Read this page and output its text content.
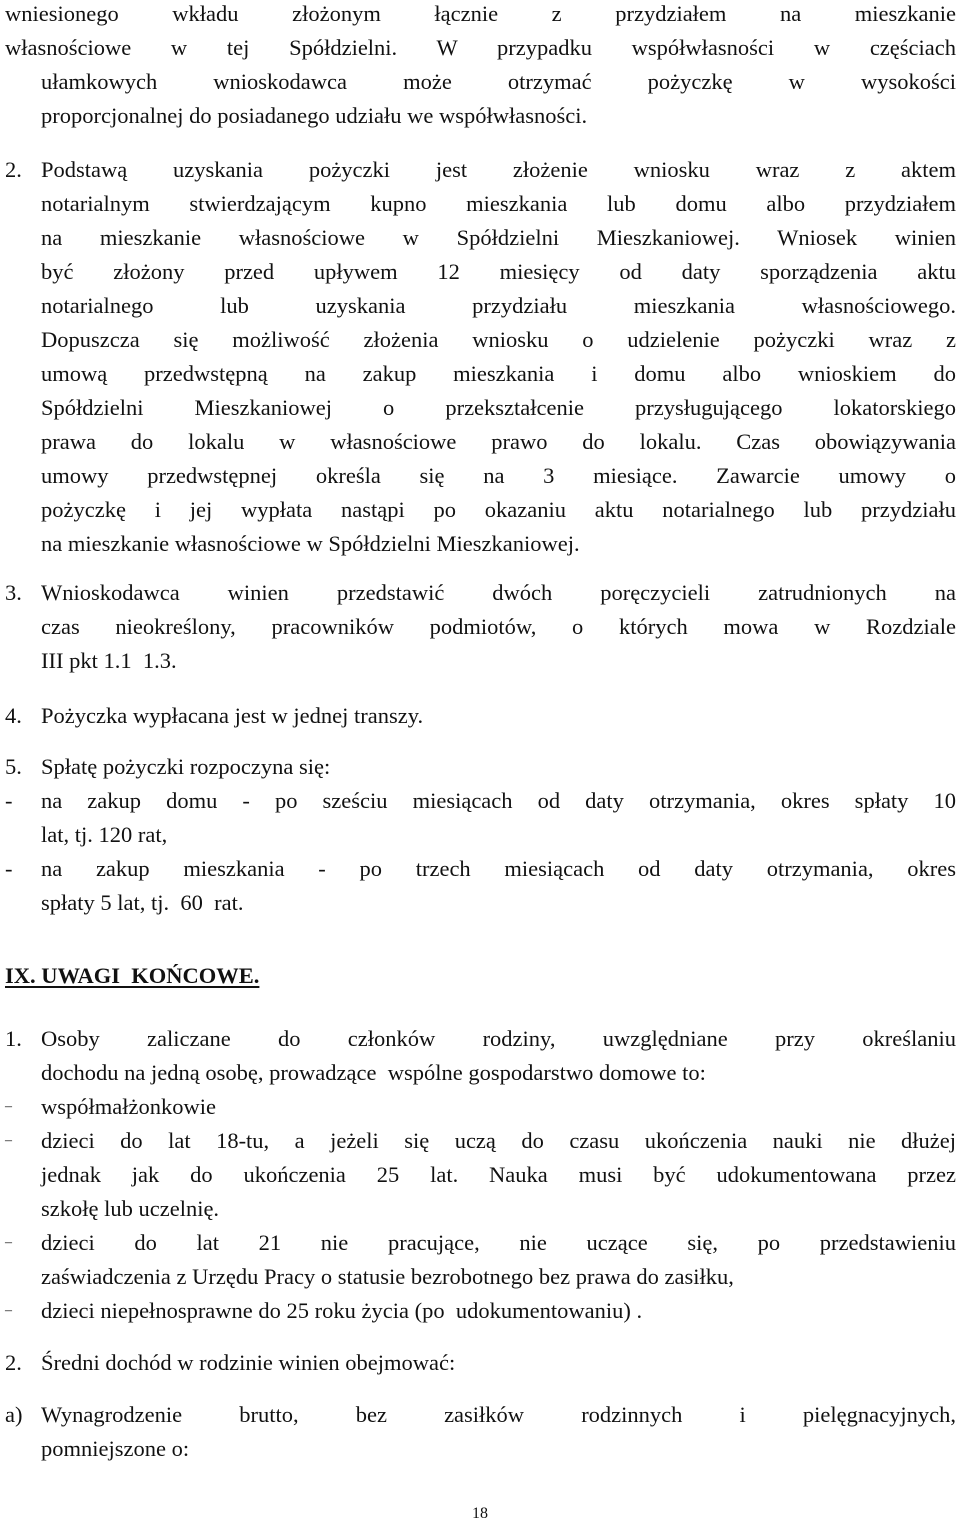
wniesionego wkładu złożonym łącznie z przydziałem na mieszkanie
własnościowe w tej Spółdzielni. W przypadku współwłasności w częściach
ułamkowych wnioskodawca może otrzymać pożyczkę w wysokości
proporcjonalnej do posiadanego udziału we współwłasności.
2. Podstawą uzyskania pożyczki jest złożenie wniosku wraz z aktem
notarialnym stwierdzającym kupno mieszkania lub domu albo przydziałem
na mieszkanie własnościowe w Spółdzielni Mieszkaniowej. Wniosek winien
być złożony przed upływem 12 miesięcy od daty sporządzenia aktu
notarialnego lub uzyskania przydziału mieszkania własnościowego.
Dopuszcza się możliwość złożenia wniosku o udzielenie pożyczki wraz z
umową przedwstępną na zakup mieszkania i domu albo wnioskiem do
Spółdzielni Mieszkaniowej o przekształcenie przysługującego lokatorskiego
prawa do lokalu w własnościowe prawo do lokalu. Czas obowiązywania
umowy przedwstępnej określa się na 3 miesiące. Zawarcie umowy o
pożyczkę i jej wypłata nastąpi po okazaniu aktu notarialnego lub przydziału
na mieszkanie własnościowe w Spółdzielni Mieszkaniowej.
3. Wnioskodawca winien przedstawić dwóch poręczycieli zatrudnionych na
czas nieokreślony, pracowników podmiotów, o których mowa w Rozdziale
III pkt 1.1  1.3.
4. Pożyczka wypłacana jest w jednej transzy.
5. Spłatę pożyczki rozpoczyna się:
-	na zakup domu - po sześciu miesiącach od daty otrzymania, okres spłaty 10
lat, tj. 120 rat,
-	na zakup mieszkania - po trzech miesiącach od daty otrzymania, okres
spłaty 5 lat, tj.  60  rat.
IX. UWAGI  KOŃCOWE.
1. Osoby zaliczane do członków rodziny, uwzględniane przy określaniu
dochodu na jedną osobę, prowadzące  wspólne gospodarstwo domowe to:
–	współmałżonkowie
–	dzieci do lat 18-tu, a jeżeli się uczą do czasu ukończenia nauki nie dłużej
jednak jak do ukończenia 25 lat. Nauka musi być udokumentowana przez
szkołę lub uczelnię.
–	dzieci do lat 21 nie pracujące, nie uczące się, po przedstawieniu
zaświadczenia z Urzędu Pracy o statusie bezrobotnego bez prawa do zasiłku,
–	dzieci niepełnosprawne do 25 roku życia (po  udokumentowaniu) .
2. Średni dochód w rodzinie winien obejmować:
a) Wynagrodzenie brutto, bez zasiłków rodzinnych i pielęgnacyjnych,
pomniejszone o:
18
